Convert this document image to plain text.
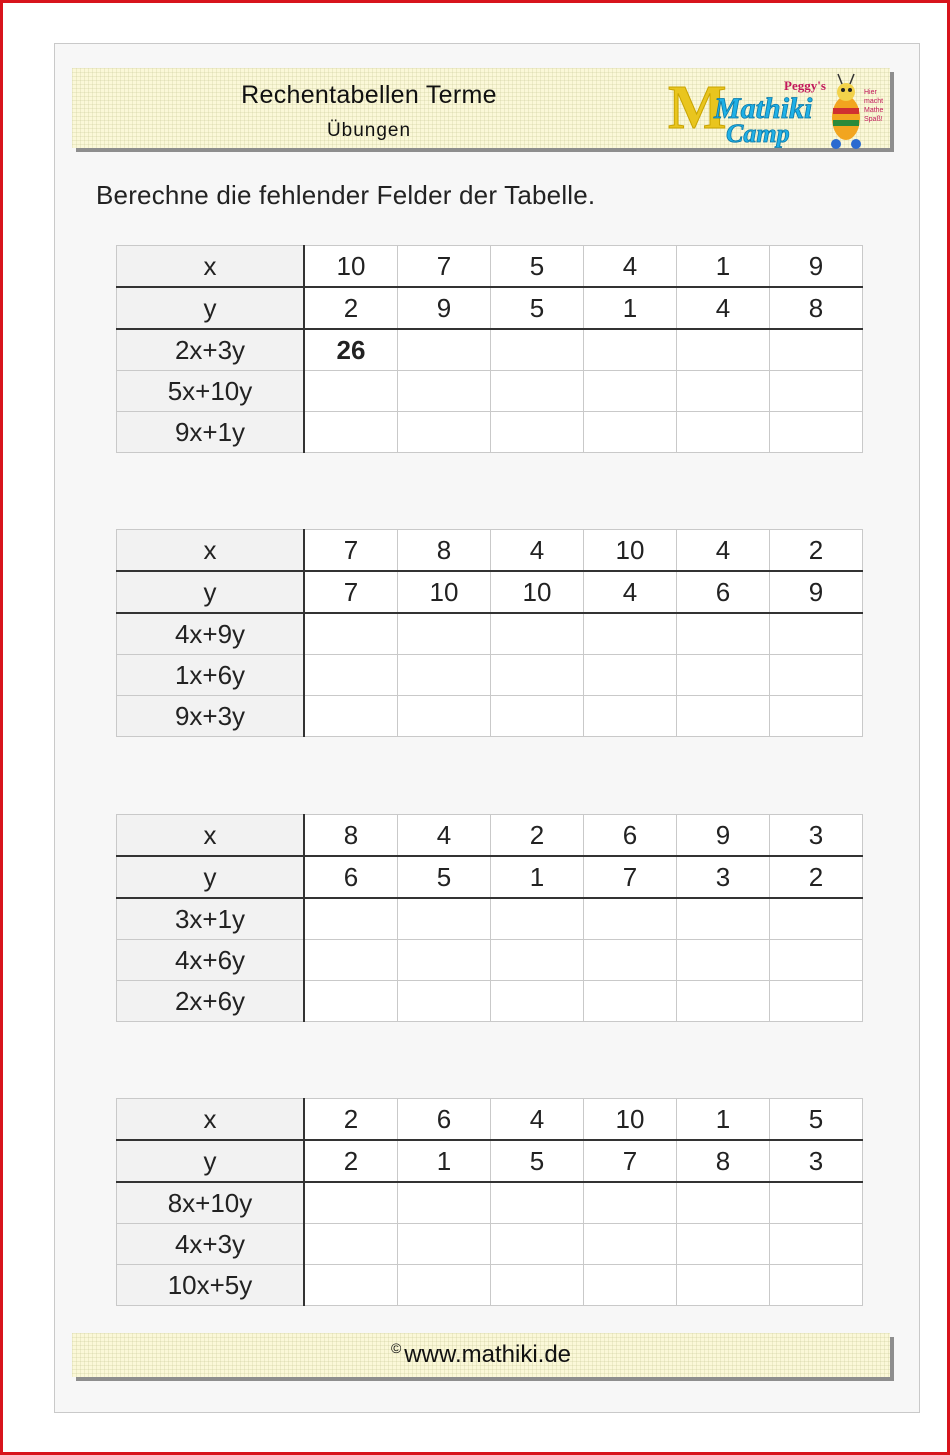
Rechentabellen Terme
Übungen	M
Mathiki
Camp
Peggy's	Hier
macht
Mathe
Spaß!
Berechne die fehlender Felder der Tabelle.
x	10	7	5	4	1	9
y	2	9	5	1	4	8
2x+3y	26					
5x+10y						
9x+1y						
x	7	8	4	10	4	2
y	7	10	10	4	6	9
4x+9y						
1x+6y						
9x+3y						
x	8	4	2	6	9	3
y	6	5	1	7	3	2
3x+1y						
4x+6y						
2x+6y						
x	2	6	4	10	1	5
y	2	1	5	7	8	3
8x+10y						
4x+3y						
10x+5y						
© www.mathiki.de
